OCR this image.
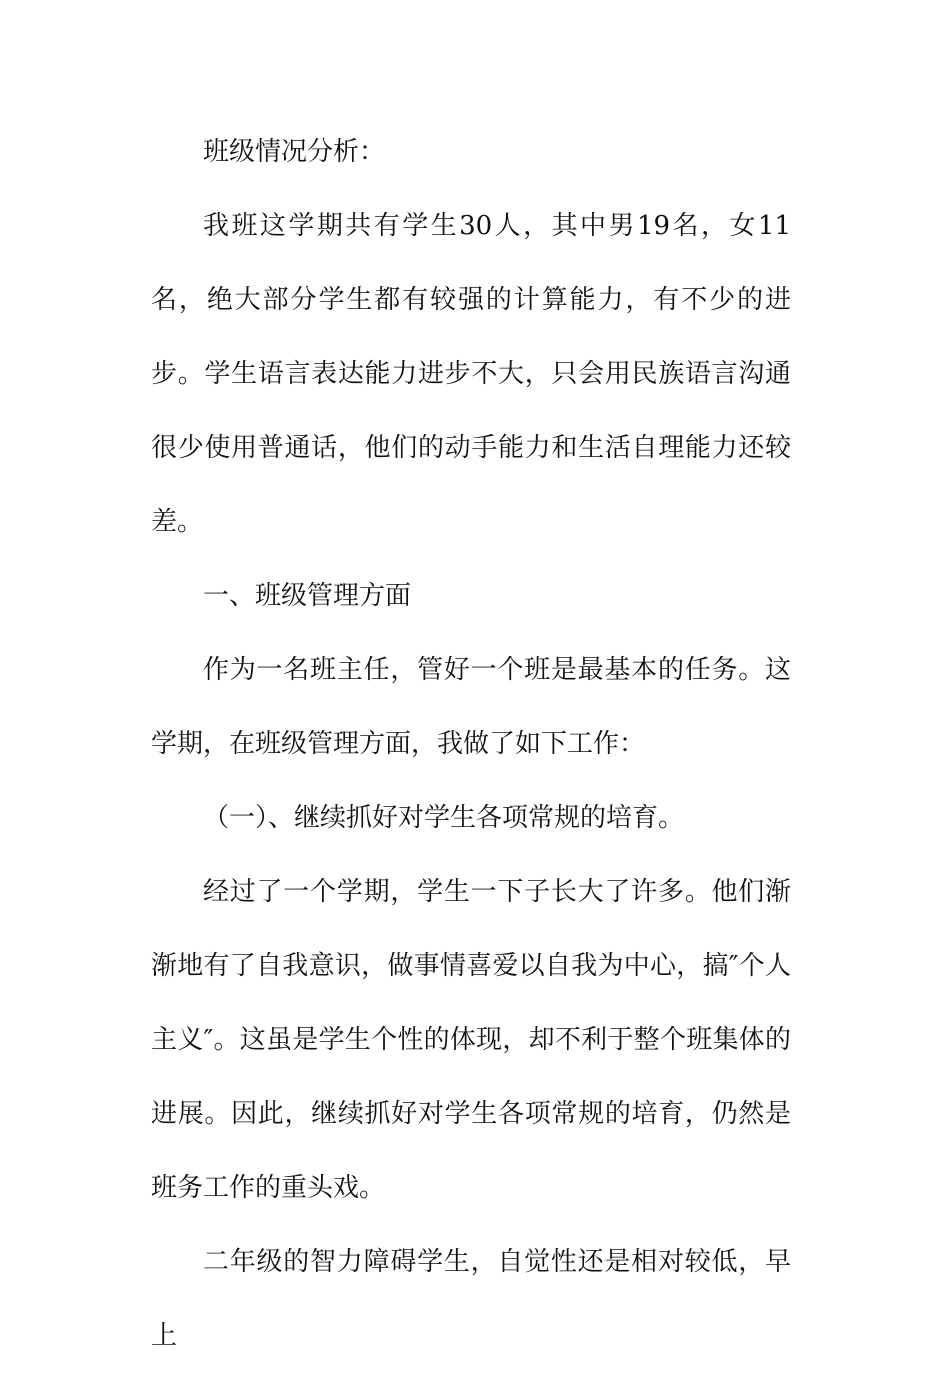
班级情况分析：

我班这学期共有学生30人，其中男19名，女11名，绝大部分学生都有较强的计算能力，有不少的进步。学生语言表达能力进步不大，只会用民族语言沟通很少使用普通话，他们的动手能力和生活自理能力还较差。

一、班级管理方面

作为一名班主任，管好一个班是最基本的任务。这学期，在班级管理方面，我做了如下工作：

（一）、继续抓好对学生各项常规的培育。

经过了一个学期，学生一下子长大了许多。他们渐渐地有了自我意识，做事情喜爱以自我为中心，搞″个人主义″。这虽是学生个性的体现，却不利于整个班集体的进展。因此，继续抓好对学生各项常规的培育，仍然是班务工作的重头戏。

二年级的智力障碍学生，自觉性还是相对较低，早上
